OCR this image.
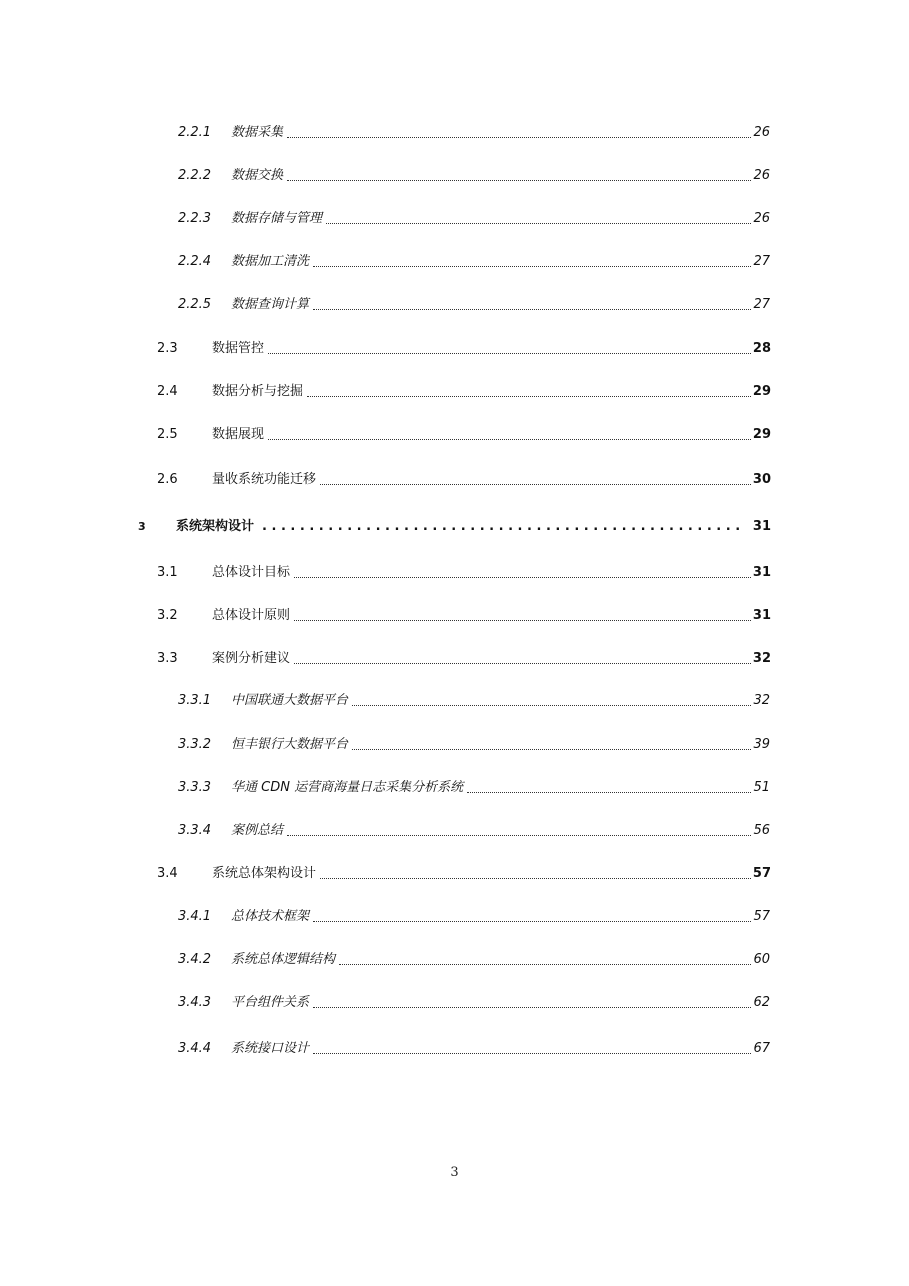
2.2.1	数据采集	26
2.2.2	数据交换	26
2.2.3	数据存储与管理	26
2.2.4	数据加工清洗	27
2.2.5	数据查询计算	27
2.3	数据管控	28
2.4	数据分析与挖掘	29
2.5	数据展现	29
2.6	量收系统功能迁移	30
3	系统架构设计
. . .	31
3.1	总体设计目标	31
3.2	总体设计原则	31
3.3	案例分析建议	32
3.3.1	中国联通大数据平台	32
3.3.2	恒丰银行大数据平台	39
3.3.3	华通 CDN 运营商海量日志采集分析系统	51
3.3.4	案例总结	56
3.4	系统总体架构设计	57
3.4.1	总体技术框架	57
3.4.2	系统总体逻辑结构	60
3.4.3	平台组件关系	62
3.4.4	系统接口设计	67
3
